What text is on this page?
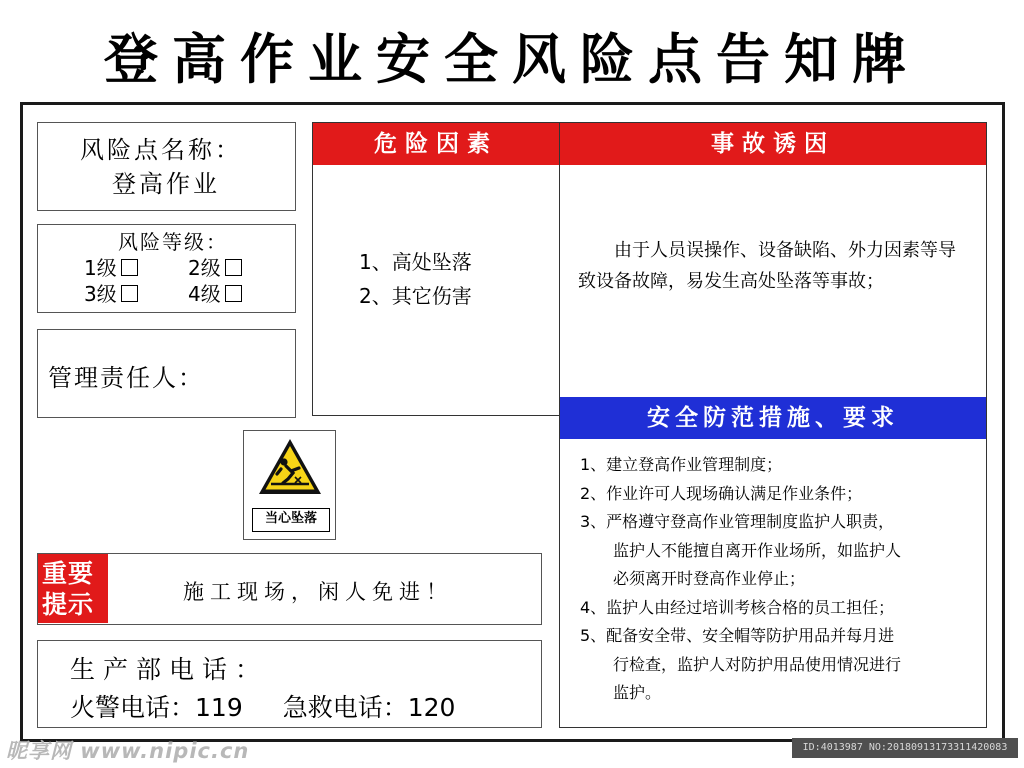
登高作业安全风险点告知牌
风险点名称：
登高作业
风险等级：
1级	2级
3级	4级
管理责任人：
危险因素
1、高处坠落
2、其它伤害
事故诱因
  由于人员误操作、设备缺陷、外力因素等导致设备故障，易发生高处坠落等事故；
安全防范措施、要求
1、建立登高作业管理制度；
2、作业许可人现场确认满足作业条件；
3、严格遵守登高作业管理制度监护人职责，
监护人不能擅自离开作业场所，如监护人
必须离开时登高作业停止；
4、监护人由经过培训考核合格的员工担任；
5、配备安全带、安全帽等防护用品并每月进
行检查，监护人对防护用品使用情况进行
监护。
当心坠落
重要
提示	施工现场，闲人免进！
生产部电话：
火警电话：119 急救电话：120
昵享网 www.nipic.cn	ID:4013987 NO:20180913173311420083
